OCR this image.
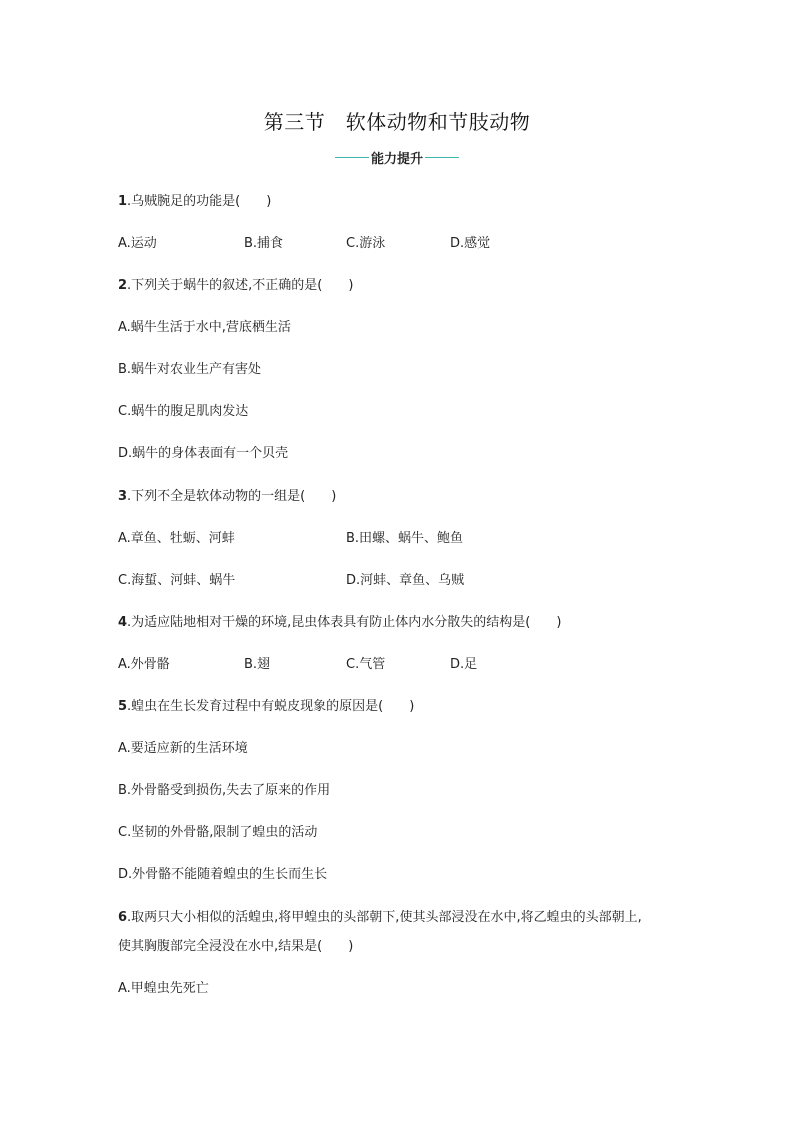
第三节　软体动物和节肢动物
能力提升
1.乌贼腕足的功能是(　　)
A.运动	B.捕食	C.游泳	D.感觉
2.下列关于蜗牛的叙述,不正确的是(　　)
A.蜗牛生活于水中,营底栖生活
B.蜗牛对农业生产有害处
C.蜗牛的腹足肌肉发达
D.蜗牛的身体表面有一个贝壳
3.下列不全是软体动物的一组是(　　)
A.章鱼、牡蛎、河蚌	B.田螺、蜗牛、鲍鱼
C.海蜇、河蚌、蜗牛	D.河蚌、章鱼、乌贼
4.为适应陆地相对干燥的环境,昆虫体表具有防止体内水分散失的结构是(　　)
A.外骨骼	B.翅	C.气管	D.足
5.蝗虫在生长发育过程中有蜕皮现象的原因是(　　)
A.要适应新的生活环境
B.外骨骼受到损伤,失去了原来的作用
C.坚韧的外骨骼,限制了蝗虫的活动
D.外骨骼不能随着蝗虫的生长而生长
6.取两只大小相似的活蝗虫,将甲蝗虫的头部朝下,使其头部浸没在水中,将乙蝗虫的头部朝上,
使其胸腹部完全浸没在水中,结果是(　　)
A.甲蝗虫先死亡
